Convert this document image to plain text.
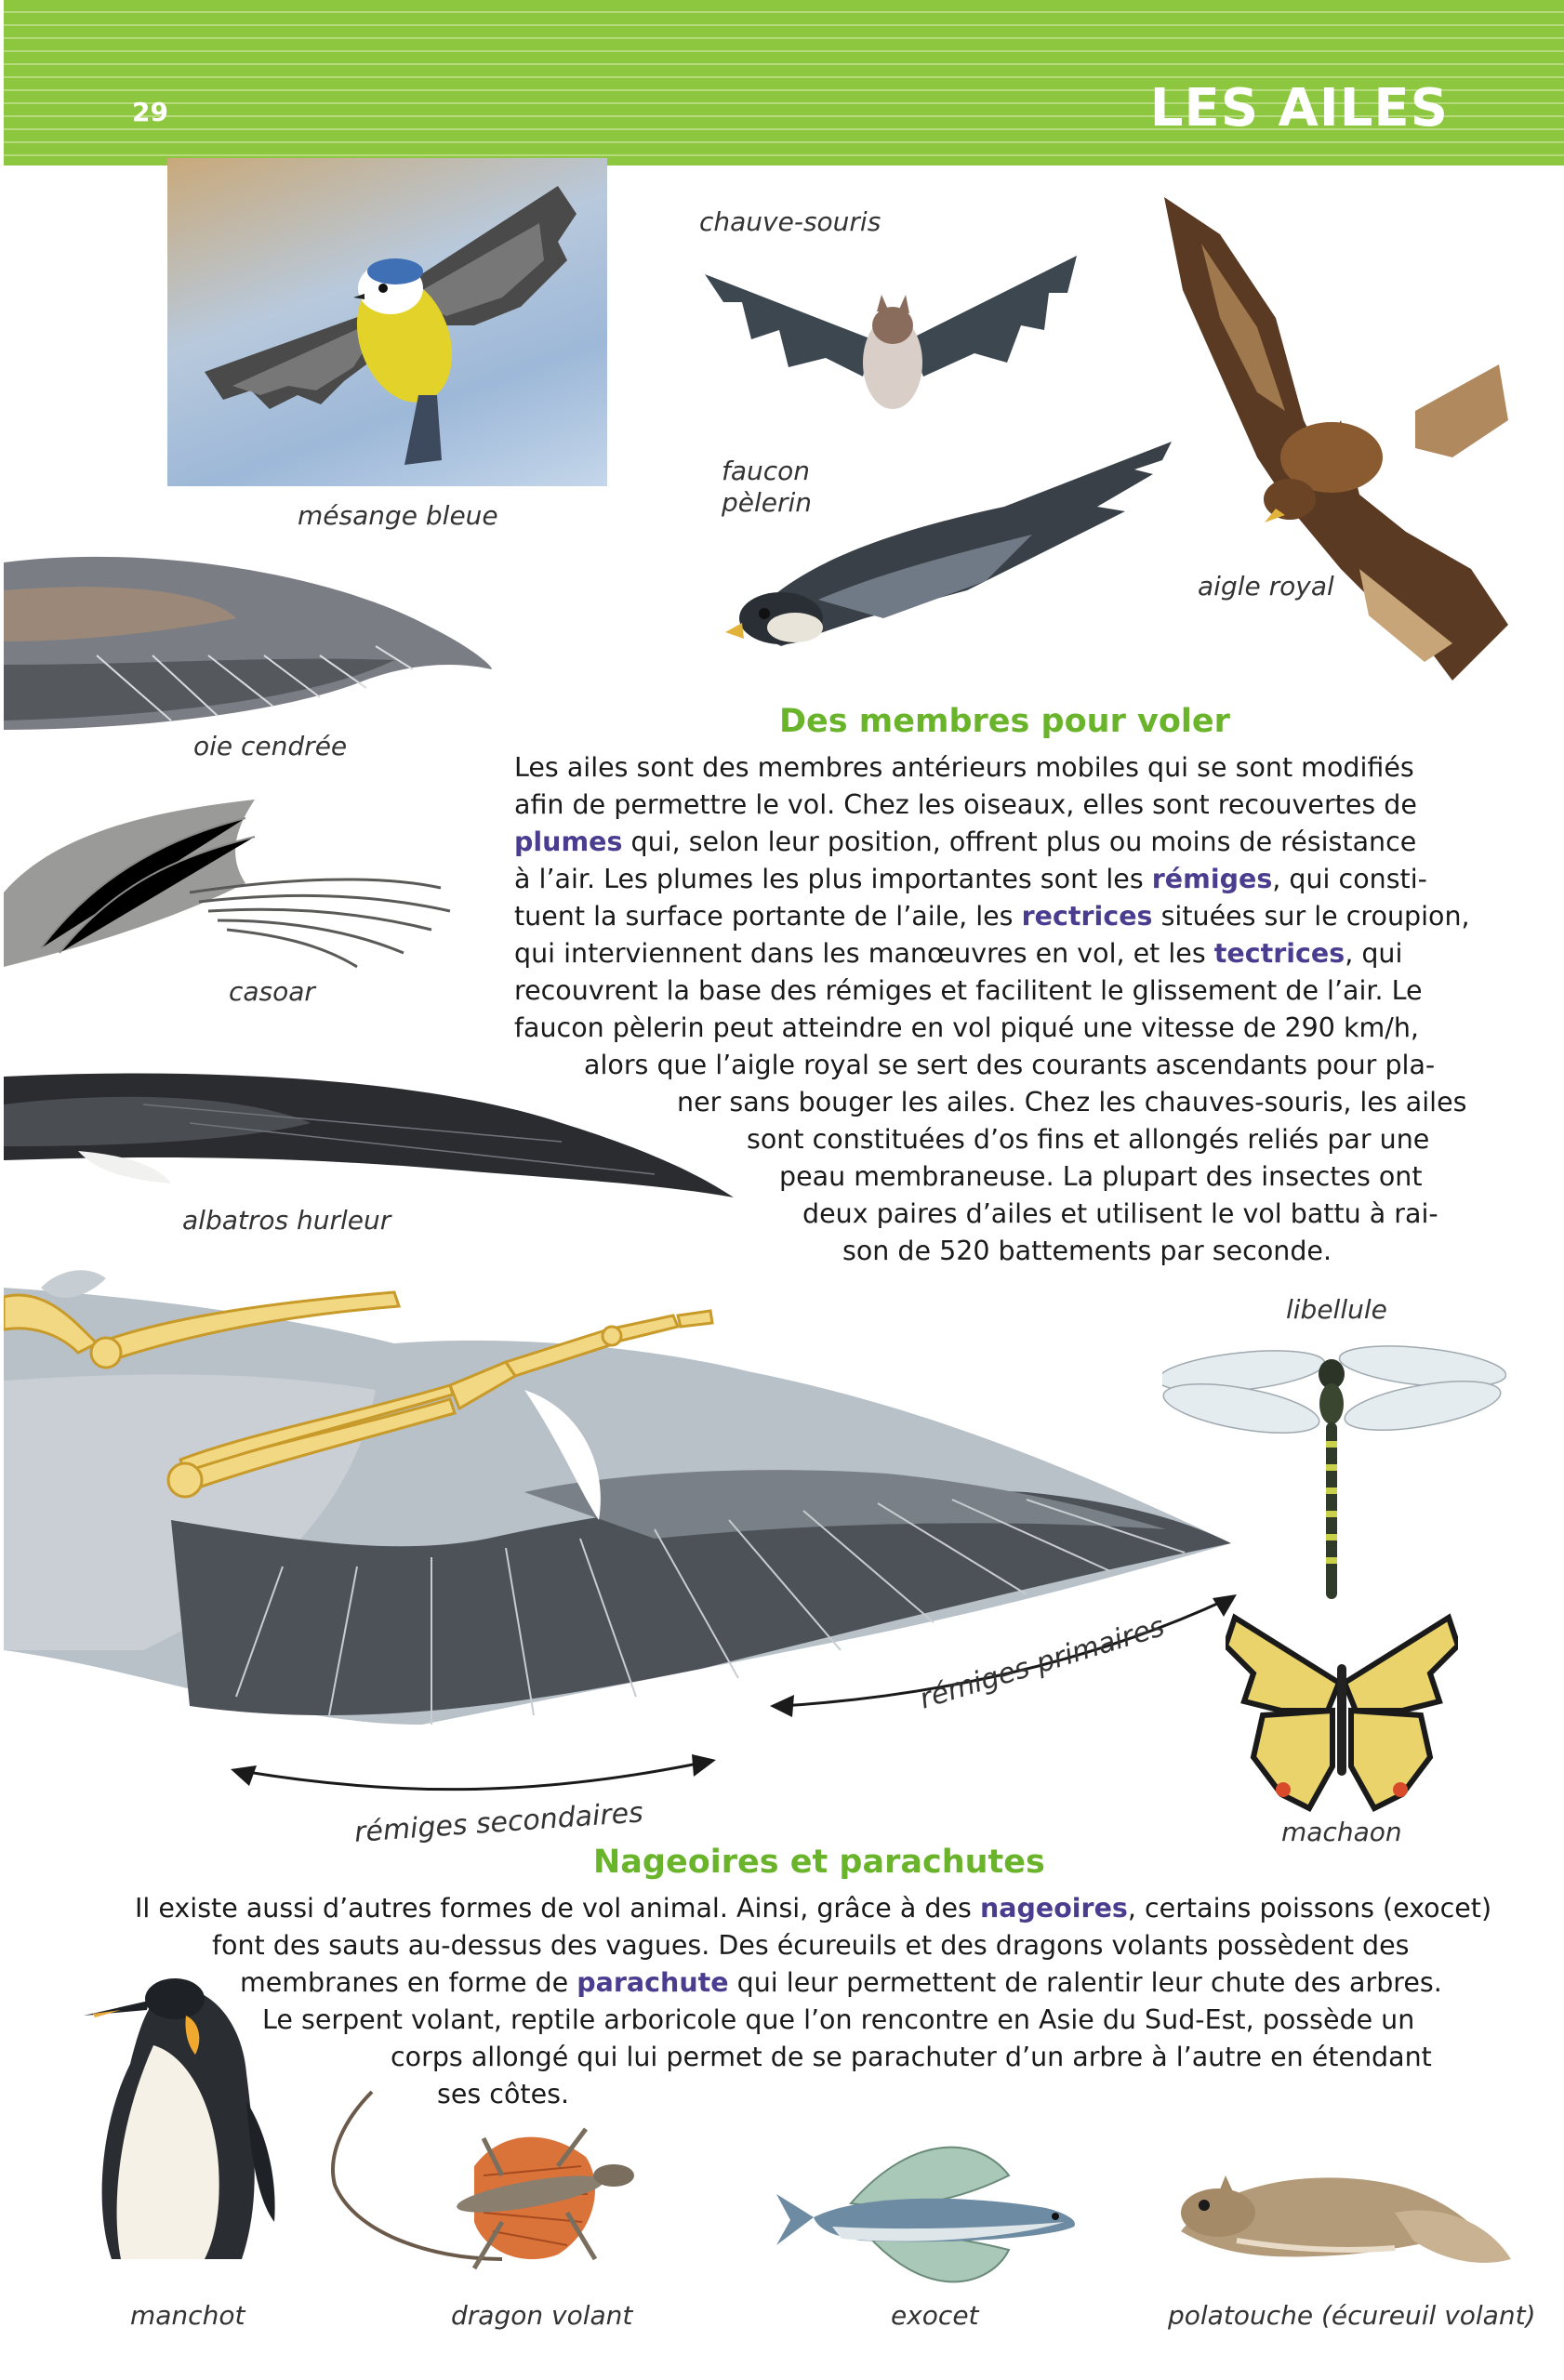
29	LES AILES
mésange bleue
chauve-souris
faucon
pèlerin
aigle royal
oie cendrée
casoar
albatros hurleur
Des membres pour voler
Les ailes sont des membres antérieurs mobiles qui se sont modifiés
afin de permettre le vol. Chez les oiseaux, elles sont recouvertes de
plumes qui, selon leur position, offrent plus ou moins de résistance
à l’air. Les plumes les plus importantes sont les rémiges, qui consti-
tuent la surface portante de l’aile, les rectrices situées sur le croupion,
qui interviennent dans les manœuvres en vol, et les tectrices, qui
recouvrent la base des rémiges et facilitent le glissement de l’air. Le
faucon pèlerin peut atteindre en vol piqué une vitesse de 290 km/h,
alors que l’aigle royal se sert des courants ascendants pour pla-
ner sans bouger les ailes. Chez les chauves-souris, les ailes
sont constituées d’os fins et allongés reliés par une
peau membraneuse. La plupart des insectes ont
deux paires d’ailes et utilisent le vol battu à rai-
son de 520 battements par seconde.
libellule
machaon
rémiges primaires
rémiges secondaires
Nageoires et parachutes
Il existe aussi d’autres formes de vol animal. Ainsi, grâce à des nageoires, certains poissons (exocet)
font des sauts au-dessus des vagues. Des écureuils et des dragons volants possèdent des
membranes en forme de parachute qui leur permettent de ralentir leur chute des arbres.
Le serpent volant, reptile arboricole que l’on rencontre en Asie du Sud-Est, possède un
corps allongé qui lui permet de se parachuter d’un arbre à l’autre en étendant
ses côtes.
manchot	dragon volant	exocet	polatouche (écureuil volant)
